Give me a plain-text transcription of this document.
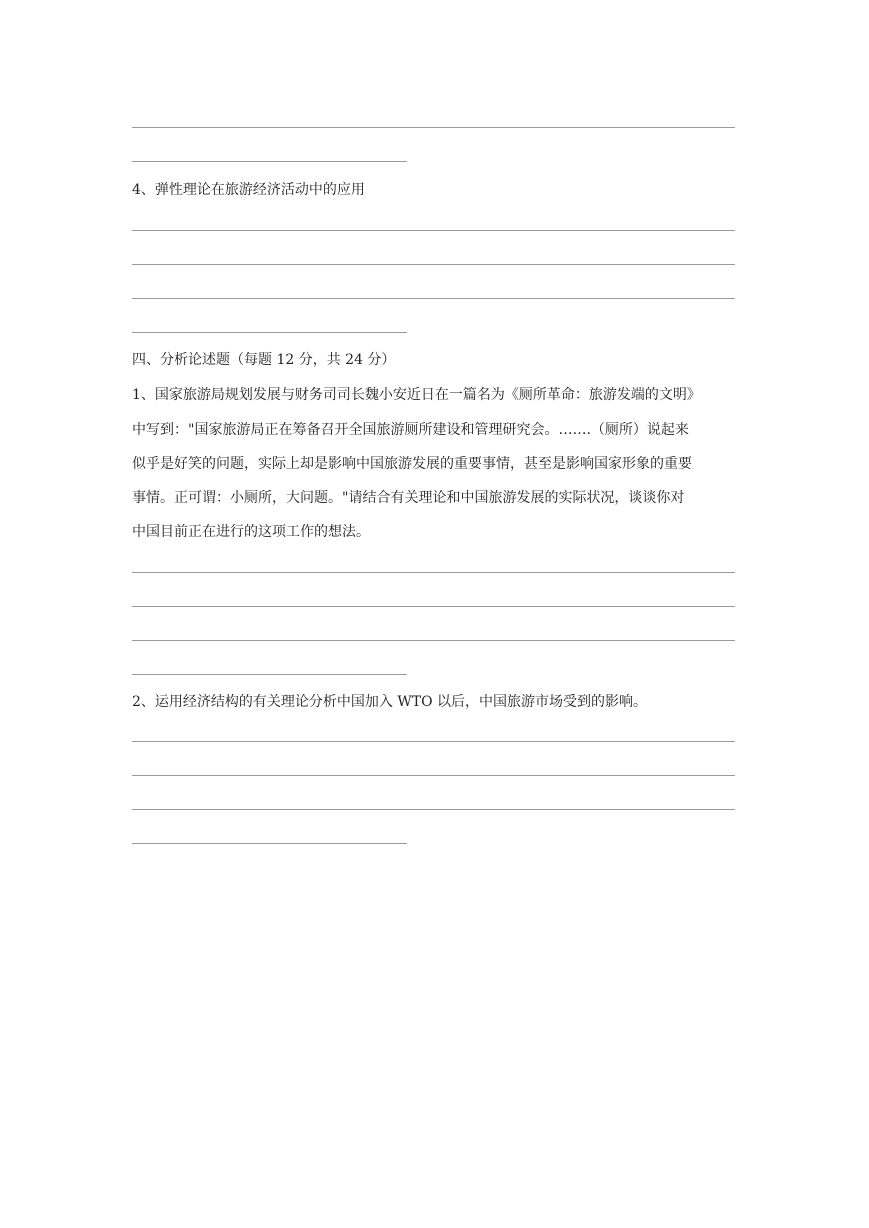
4、弹性理论在旅游经济活动中的应用
四、分析论述题（每题 12 分，共 24 分）
1、国家旅游局规划发展与财务司司长魏小安近日在一篇名为《厕所革命：旅游发端的文明》
中写到："国家旅游局正在筹备召开全国旅游厕所建设和管理研究会。…….（厕所）说起来
似乎是好笑的问题，实际上却是影响中国旅游发展的重要事情，甚至是影响国家形象的重要
事情。正可谓：小厕所，大问题。"请结合有关理论和中国旅游发展的实际状况，谈谈你对
中国目前正在进行的这项工作的想法。
2、运用经济结构的有关理论分析中国加入 WTO 以后，中国旅游市场受到的影响。
